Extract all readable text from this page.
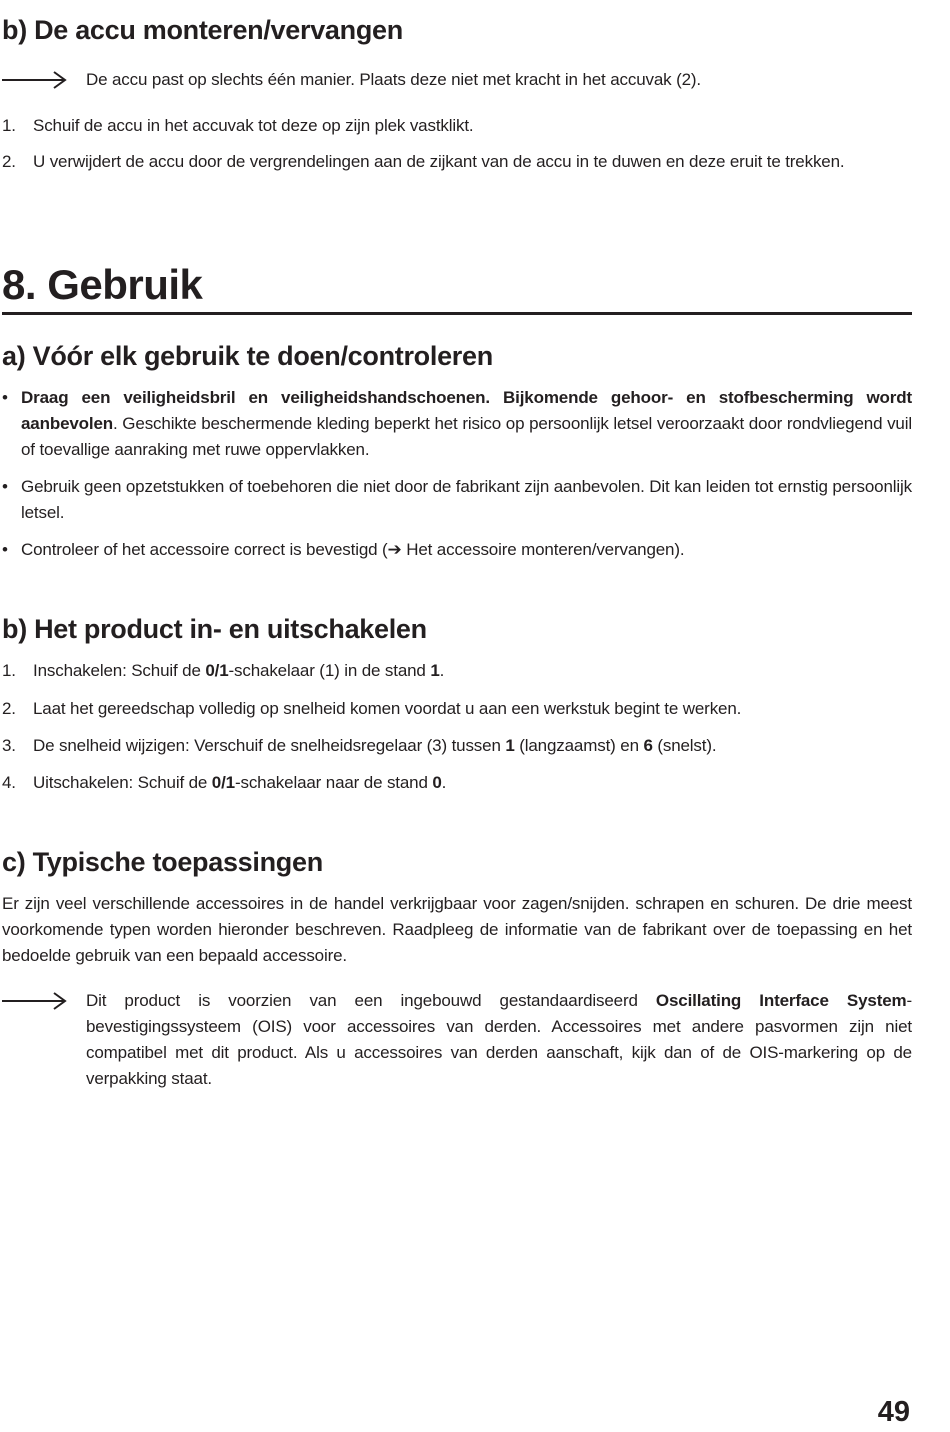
b) De accu monteren/vervangen
De accu past op slechts één manier. Plaats deze niet met kracht in het accuvak (2).
1.	Schuif de accu in het accuvak tot deze op zijn plek vastklikt.
2.	U verwijdert de accu door de vergrendelingen aan de zijkant van de accu in te duwen en deze eruit te trekken.
8. Gebruik
a) Vóór elk gebruik te doen/controleren
• Draag een veiligheidsbril en veiligheidshandschoenen. Bijkomende gehoor- en stofbescherming wordt aanbevolen. Geschikte beschermende kleding beperkt het risico op persoonlijk letsel veroorzaakt door rondvliegend vuil of toevallige aanraking met ruwe oppervlakken.
• Gebruik geen opzetstukken of toebehoren die niet door de fabrikant zijn aanbevolen. Dit kan leiden tot ernstig persoonlijk letsel.
• Controleer of het accessoire correct is bevestigd (➔ Het accessoire monteren/vervangen).
b) Het product in- en uitschakelen
1.	Inschakelen: Schuif de 0/1-schakelaar (1) in de stand 1.
2.	Laat het gereedschap volledig op snelheid komen voordat u aan een werkstuk begint te werken.
3.	De snelheid wijzigen: Verschuif de snelheidsregelaar (3) tussen 1 (langzaamst) en 6 (snelst).
4.	Uitschakelen: Schuif de 0/1-schakelaar naar de stand 0.
c) Typische toepassingen
Er zijn veel verschillende accessoires in de handel verkrijgbaar voor zagen/snijden. schrapen en schuren. De drie meest voorkomende typen worden hieronder beschreven. Raadpleeg de informatie van de fabrikant over de toepassing en het bedoelde gebruik van een bepaald accessoire.
Dit product is voorzien van een ingebouwd gestandaardiseerd Oscillating Interface System-bevestigingssysteem (OIS) voor accessoires van derden. Accessoires met andere pasvormen zijn niet compatibel met dit product. Als u accessoires van derden aanschaft, kijk dan of de OIS-markering op de verpakking staat.
49
